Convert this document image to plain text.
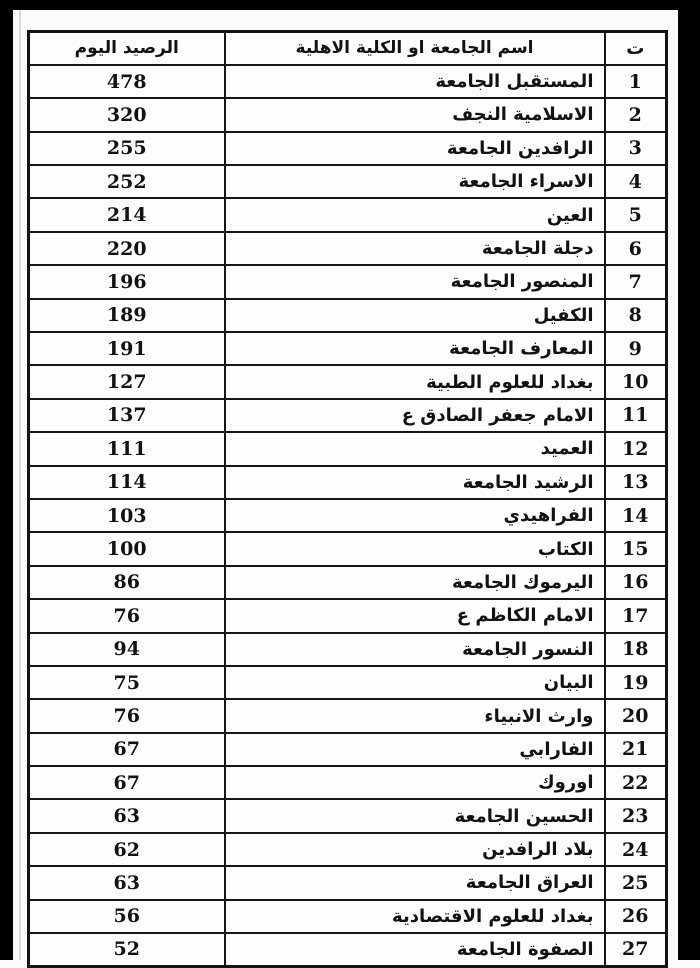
ت	اسم الجامعة او الكلية الاهلية	الرصيد اليوم
1	المستقبل الجامعة	478
2	الاسلامية النجف	320
3	الرافدين الجامعة	255
4	الاسراء الجامعة	252
5	العين	214
6	دجلة الجامعة	220
7	المنصور الجامعة	196
8	الكفيل	189
9	المعارف الجامعة	191
10	بغداد للعلوم الطبية	127
11	الامام جعفر الصادق ع	137
12	العميد	111
13	الرشيد الجامعة	114
14	الفراهيدي	103
15	الكتاب	100
16	اليرموك الجامعة	86
17	الامام الكاظم ع	76
18	النسور الجامعة	94
19	البيان	75
20	وارث الانبياء	76
21	الفارابي	67
22	اوروك	67
23	الحسين الجامعة	63
24	بلاد الرافدين	62
25	العراق الجامعة	63
26	بغداد للعلوم الاقتصادية	56
27	الصفوة الجامعة	52
